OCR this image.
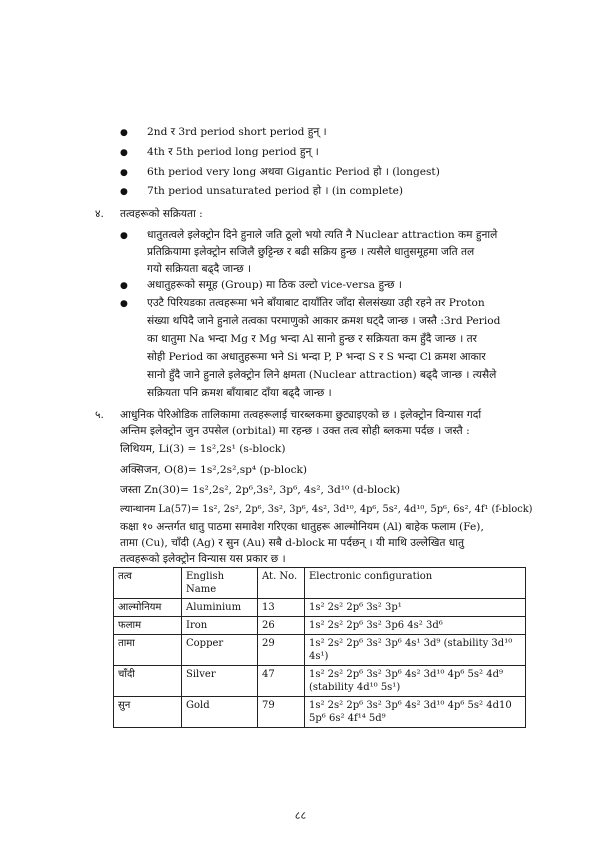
● 2nd र 3rd period short period हुन् ।
● 4th र 5th period long period हुन् ।
● 6th period very long अथवा Gigantic Period हो । (longest)
● 7th period unsaturated period हो । (in complete)
४. तत्वहरूको सक्रियता :
● धातुतत्वले इलेक्ट्रोन दिने हुनाले जति ठूलो भयो त्यति नै Nuclear attraction कम हुनाले
प्रतिक्रियामा इलेक्ट्रोन सजिलै छुट्टिन्छ र बढी सक्रिय हुन्छ । त्यसैले धातुसमूहमा जति तल
गयो सक्रियता बढ्दै जान्छ ।
● अधातुहरूको समूह (Group) मा ठिक उल्टो vice-versa हुन्छ ।
● एउटै पिरियडका तत्वहरूमा भने बाँयाबाट दायाँतिर जाँदा सेलसंख्या उही रहने तर Proton
संख्या थपिदै जाने हुनाले तत्वका परमाणुको आकार क्रमश घट्दै जान्छ । जस्तै :3rd Period
का धातुमा Na भन्दा Mg र Mg भन्दा Al सानो हुन्छ र सक्रियता कम हुँदै जान्छ । तर
सोही Period का अधातुहरूमा भने Si भन्दा P, P भन्दा S र S भन्दा Cl क्रमश आकार
सानो हुँदै जाने हुनाले इलेक्ट्रोन लिने क्षमता (Nuclear attraction) बढ्दै जान्छ । त्यसैले
सक्रियता पनि क्रमश बाँयाबाट दाँया बढ्दै जान्छ ।
५. आधुनिक पेरिओडिक तालिकामा तत्वहरूलाई चारब्लकमा छुट्याइएको छ । इलेक्ट्रोन विन्यास गर्दा
अन्तिम इलेक्ट्रोन जुन उपसेल (orbital) मा रहन्छ । उक्त तत्व सोही ब्लकमा पर्दछ । जस्तै :
लिथियम, Li(3) = 1s²,2s¹ (s-block)
अक्सिजन, O(8)= 1s²,2s²,sp⁴ (p-block)
जस्ता Zn(30)= 1s²,2s², 2p⁶,3s², 3p⁶, 4s², 3d¹⁰ (d-block)
ल्यान्थानम La(57)= 1s², 2s², 2p⁶, 3s², 3p⁶, 4s², 3d¹⁰, 4p⁶, 5s², 4d¹⁰, 5p⁶, 6s², 4f¹ (f-block)
कक्षा १० अन्तर्गत धातु पाठमा समावेश गरिएका धातुहरू आल्मोनियम (Al) बाहेक फलाम (Fe),
तामा (Cu), चाँदी (Ag) र सुन (Au) सबै d-block मा पर्दछन् । यी माथि उल्लेखित धातु
तत्वहरूको इलेक्ट्रोन विन्यास यस प्रकार छ ।
तत्व	English Name	At. No.	Electronic configuration
आल्मोनियम	Aluminium	13	1s² 2s² 2p⁶ 3s² 3p¹
फलाम	Iron	26	1s² 2s² 2p⁶ 3s² 3p6 4s² 3d⁶
तामा	Copper	29	1s² 2s² 2p⁶ 3s² 3p⁶ 4s¹ 3d⁹ (stability 3d¹⁰ 4s¹)
चाँदी	Silver	47	1s² 2s² 2p⁶ 3s² 3p⁶ 4s² 3d¹⁰ 4p⁶ 5s² 4d⁹ (stability 4d¹⁰ 5s¹)
सुन	Gold	79	1s² 2s² 2p⁶ 3s² 3p⁶ 4s² 3d¹⁰ 4p⁶ 5s² 4d10 5p⁶ 6s² 4f¹⁴ 5d⁹
८८
